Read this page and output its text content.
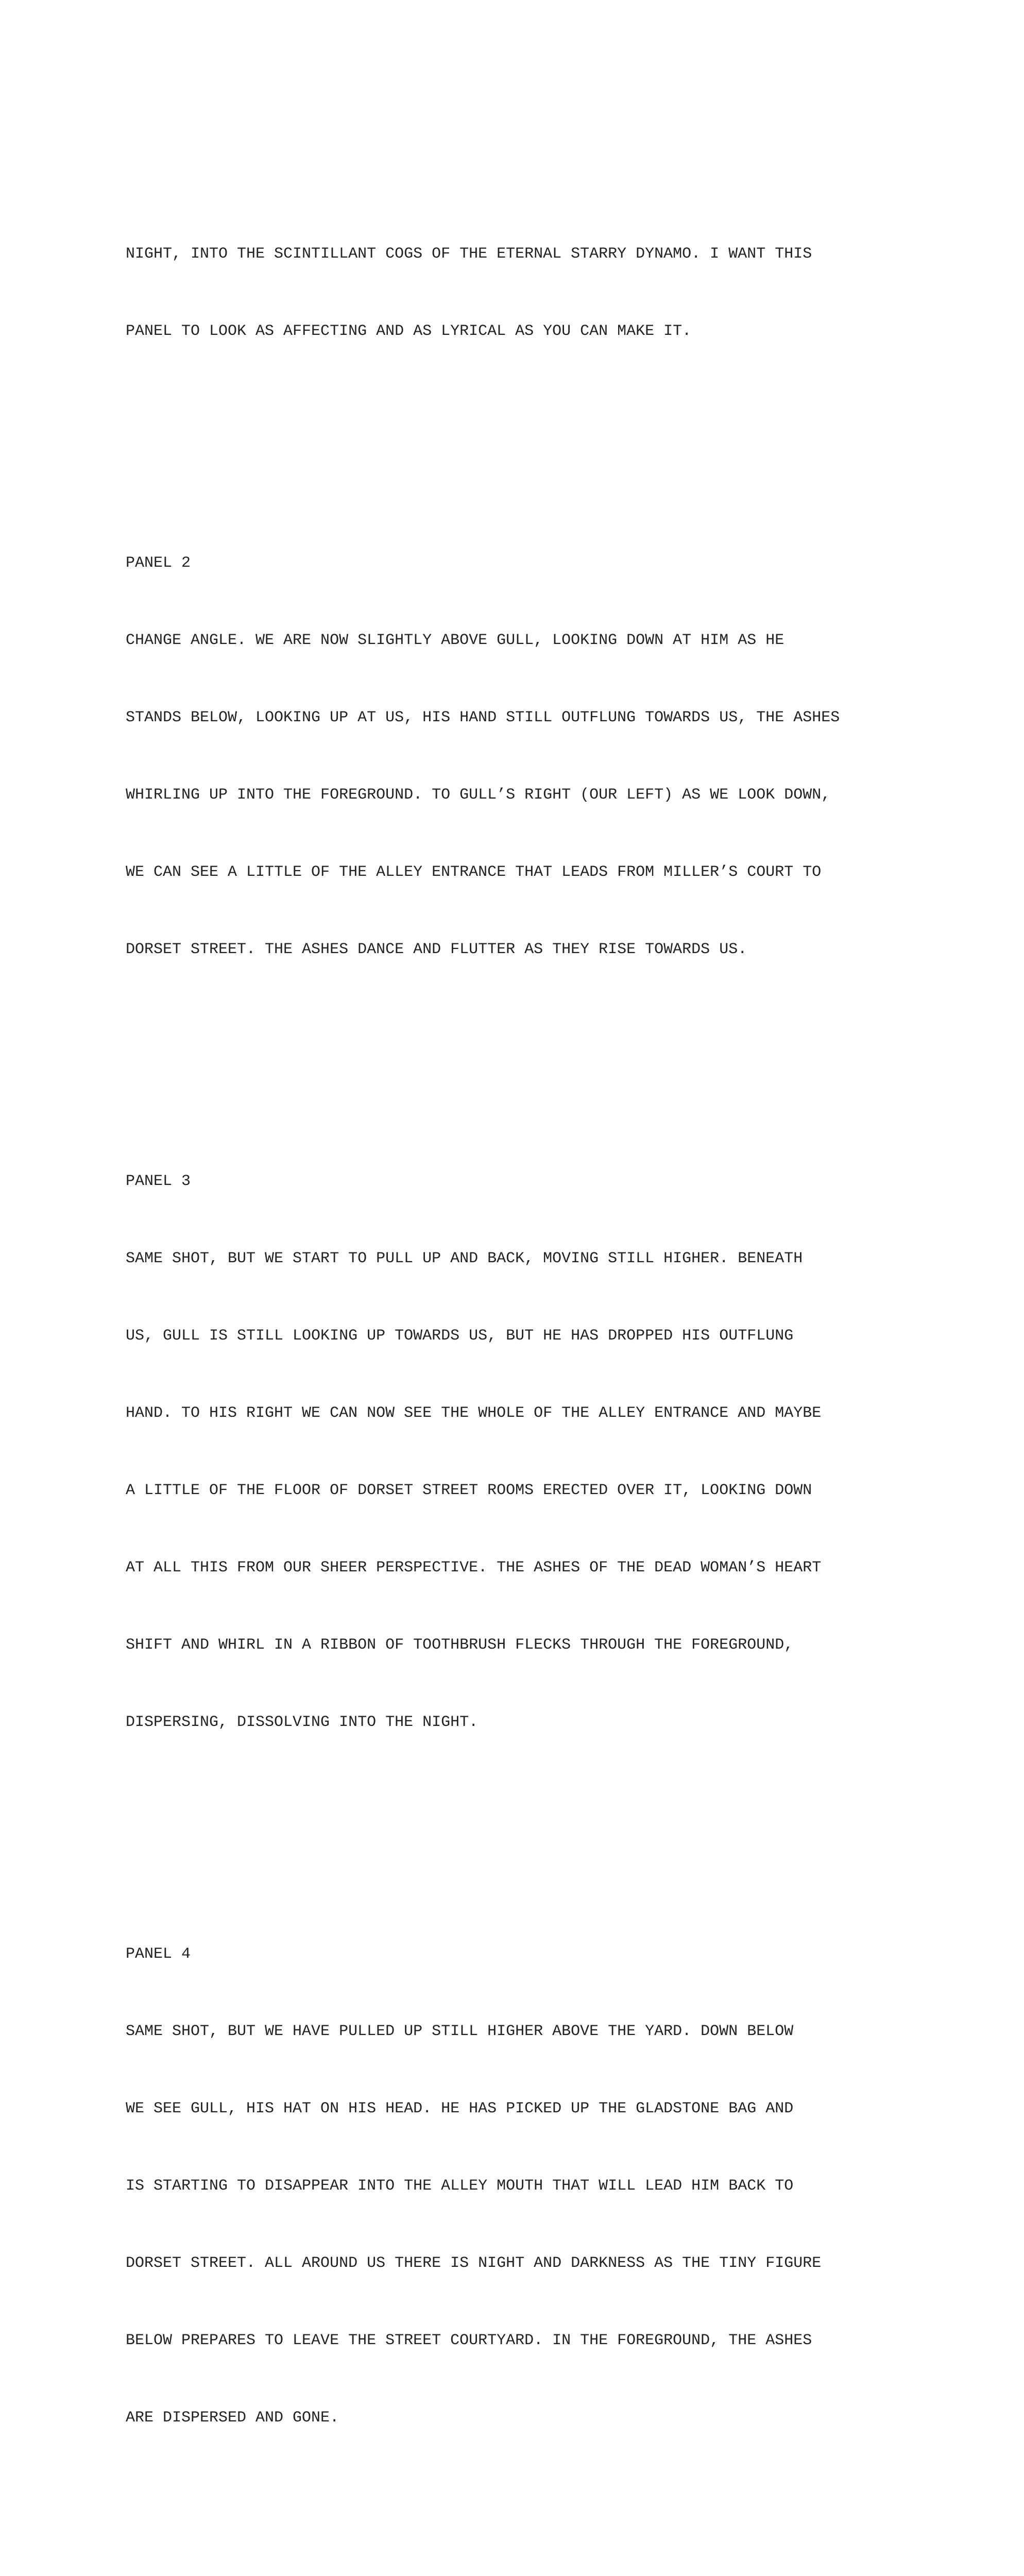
NIGHT, INTO THE SCINTILLANT COGS OF THE ETERNAL STARRY DYNAMO. I WANT THIS

PANEL TO LOOK AS AFFECTING AND AS LYRICAL AS YOU CAN MAKE IT.

PANEL 2

CHANGE ANGLE. WE ARE NOW SLIGHTLY ABOVE GULL, LOOKING DOWN AT HIM AS HE

STANDS BELOW, LOOKING UP AT US, HIS HAND STILL OUTFLUNG TOWARDS US, THE ASHES

WHIRLING UP INTO THE FOREGROUND. TO GULL’S RIGHT (OUR LEFT) AS WE LOOK DOWN,

WE CAN SEE A LITTLE OF THE ALLEY ENTRANCE THAT LEADS FROM MILLER’S COURT TO

DORSET STREET. THE ASHES DANCE AND FLUTTER AS THEY RISE TOWARDS US.

PANEL 3

SAME SHOT, BUT WE START TO PULL UP AND BACK, MOVING STILL HIGHER. BENEATH

US, GULL IS STILL LOOKING UP TOWARDS US, BUT HE HAS DROPPED HIS OUTFLUNG

HAND. TO HIS RIGHT WE CAN NOW SEE THE WHOLE OF THE ALLEY ENTRANCE AND MAYBE

A LITTLE OF THE FLOOR OF DORSET STREET ROOMS ERECTED OVER IT, LOOKING DOWN

AT ALL THIS FROM OUR SHEER PERSPECTIVE. THE ASHES OF THE DEAD WOMAN’S HEART

SHIFT AND WHIRL IN A RIBBON OF TOOTHBRUSH FLECKS THROUGH THE FOREGROUND,

DISPERSING, DISSOLVING INTO THE NIGHT.

PANEL 4

SAME SHOT, BUT WE HAVE PULLED UP STILL HIGHER ABOVE THE YARD. DOWN BELOW

WE SEE GULL, HIS HAT ON HIS HEAD. HE HAS PICKED UP THE GLADSTONE BAG AND

IS STARTING TO DISAPPEAR INTO THE ALLEY MOUTH THAT WILL LEAD HIM BACK TO

DORSET STREET. ALL AROUND US THERE IS NIGHT AND DARKNESS AS THE TINY FIGURE

BELOW PREPARES TO LEAVE THE STREET COURTYARD. IN THE FOREGROUND, THE ASHES

ARE DISPERSED AND GONE.
